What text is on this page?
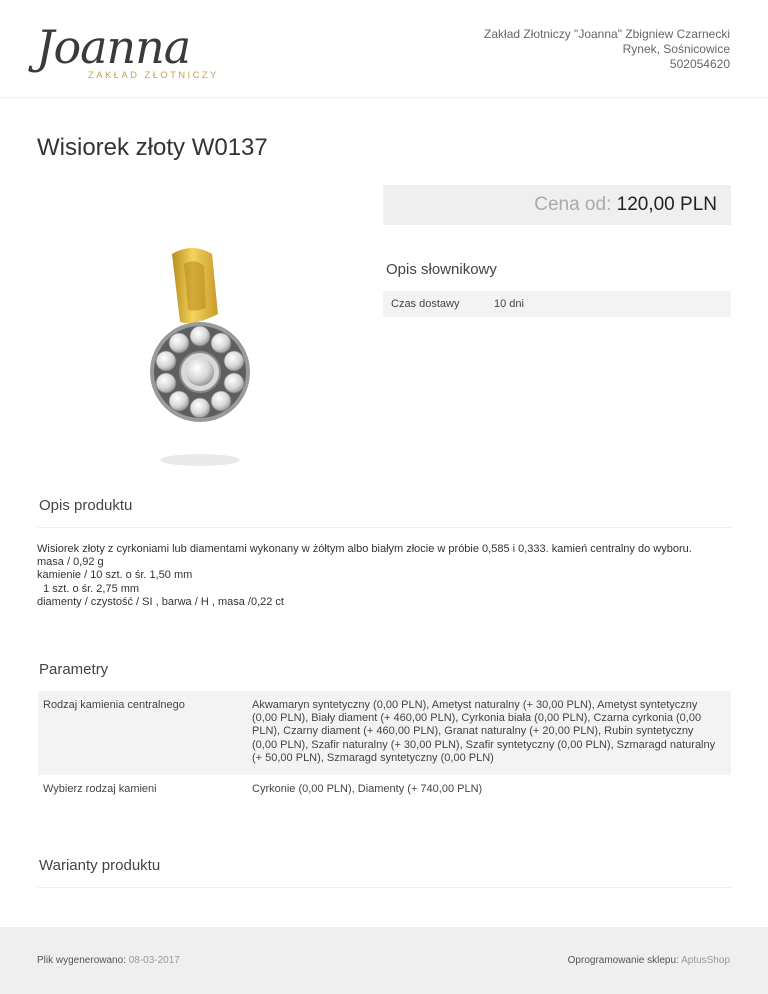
Joanna
ZAKŁAD ZŁOTNICZY
Zakład Złotniczy "Joanna" Zbigniew Czarnecki
Rynek, Sośnicowice
502054620
Wisiorek złoty W0137
Cena od: 120,00 PLN
Opis słownikowy
Czas dostawy	10 dni
Opis produktu
Wisiorek złoty z cyrkoniami lub diamentami wykonany w żółtym albo białym złocie w próbie 0,585 i 0,333. kamień centralny do wyboru.
masa / 0,92 g
kamienie / 10 szt. o śr. 1,50 mm
1 szt. o śr. 2,75 mm
diamenty / czystość / SI , barwa / H , masa /0,22 ct
Parametry
Rodzaj kamienia centralnego	Akwamaryn syntetyczny (0,00 PLN), Ametyst naturalny (+ 30,00 PLN), Ametyst syntetyczny (0,00 PLN), Biały diament (+ 460,00 PLN), Cyrkonia biała (0,00 PLN), Czarna cyrkonia (0,00 PLN), Czarny diament (+ 460,00 PLN), Granat naturalny (+ 20,00 PLN), Rubin syntetyczny (0,00 PLN), Szafir naturalny (+ 30,00 PLN), Szafir syntetyczny (0,00 PLN), Szmaragd naturalny (+ 50,00 PLN), Szmaragd syntetyczny (0,00 PLN)
Wybierz rodzaj kamieni	Cyrkonie (0,00 PLN), Diamenty (+ 740,00 PLN)
Warianty produktu
Plik wygenerowano: 08-03-2017	Oprogramowanie sklepu: AptusShop
